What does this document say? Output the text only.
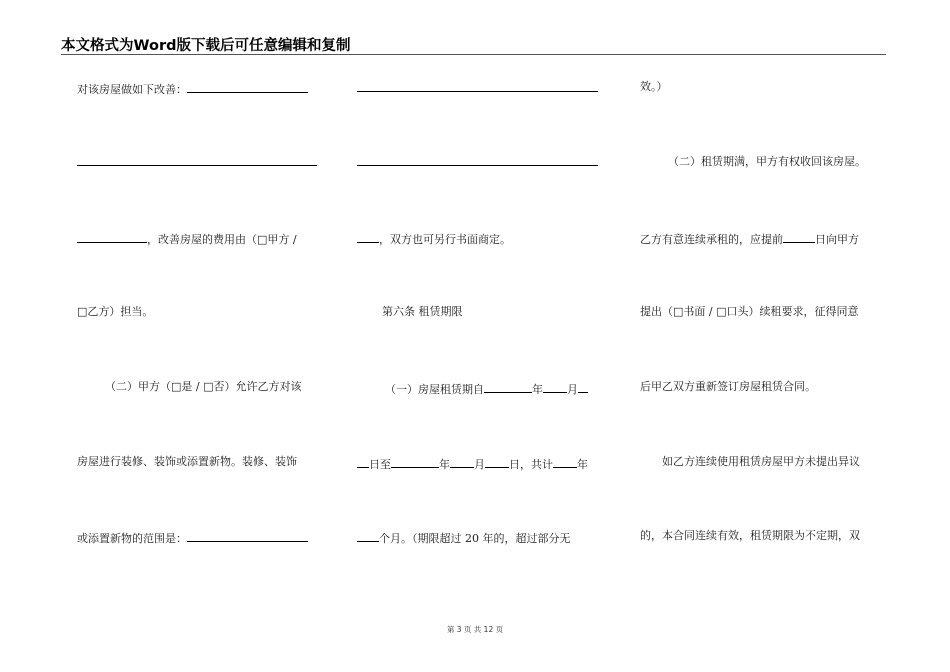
本文格式为Word版下载后可任意编辑和复制
对该房屋做如下改善：
，改善房屋的费用由（□甲方 /
□乙方）担当。
（二）甲方（□是 / □否）允许乙方对该
房屋进行装修、装饰或添置新物。装修、装饰
或添置新物的范围是：
，双方也可另行书面商定。
第六条 租赁期限
（一）房屋租赁期自	年 月
日至	年 月 日，共计 年
个月。（期限超过 20 年的，超过部分无
效。）
（二）租赁期满，甲方有权收回该房屋。
乙方有意连续承租的，应提前	日向甲方
提出（□书面 / □口头）续租要求，征得同意
后甲乙双方重新签订房屋租赁合同。
如乙方连续使用租赁房屋甲方未提出异议
的，本合同连续有效，租赁期限为不定期，双
第 3 页 共 12 页
